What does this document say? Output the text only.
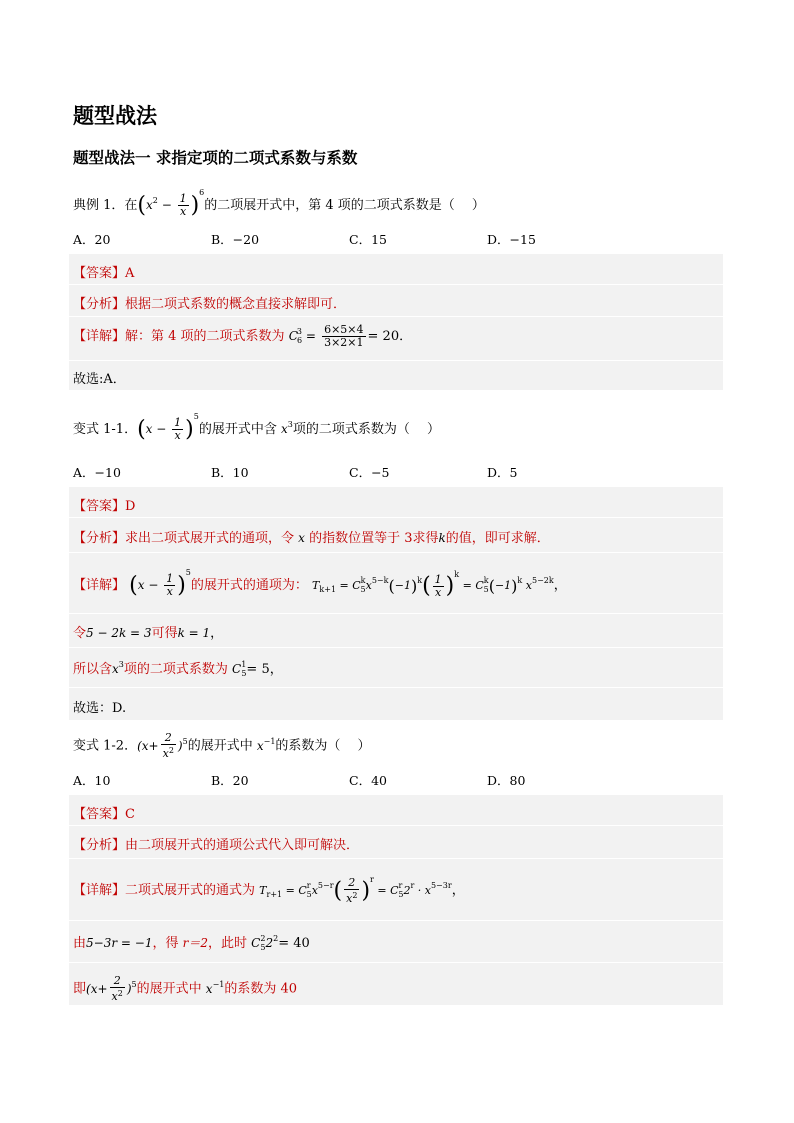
题型战法
题型战法一 求指定项的二项式系数与系数
典例 1．在$(x^2 - \frac{1}{x} )^6$的二项展开式中，第 4 项的二项式系数是（　 ）
A．20	B．−20	C．15	D．−15
【答案】A
【分析】根据二项式系数的概念直接求解即可．
【详解】解：第 4 项的二项式系数为 $C^3_6 = \frac{6\times 5\times 4}{3\times 2\times 1} = 20$．
故选:A．
变式 1-1．$(x - \frac{1}{x} )^5$的展开式中含 $x^3$项的二项式系数为（　 ）
A．−10	B．10	C．−5	D．5
【答案】D
【分析】求出二项式展开式的通项，令 x 的指数位置等于 3求得k的值，即可求解．
【详解】 $(x - \frac{1}{x} )^5$的展开式的通项为： $T_{k+1} = C^k_5x^{5-k}(-1)^k( \frac{1}{x} )^k = C^k_5(-1)^k$ $x^{5-2k}$，
令5 − 2k = 3可得k = 1，
所以含$x^3$项的二项式系数为 $C^1_5= 5$，
故选：D.
变式 1-2．$(x+ \frac{2}{x^2} )^5$的展开式中 $x^{-1}$的系数为（　 ）
A．10	B．20	C．40	D．80
【答案】C
【分析】由二项展开式的通项公式代入即可解决．
【详解】二项式展开式的通式为 $T_{r+1} = C^r_5x^{5-r}( \frac{2}{x^2} )^r = C^r_52^r \cdot x^{5-3r}$，
由5−3r = −1，得 r＝2，此时 $C^2_52^2= 40$
即$(x+ \frac{2}{x^2} )^5$的展开式中 $x^{-1}$的系数为 40
